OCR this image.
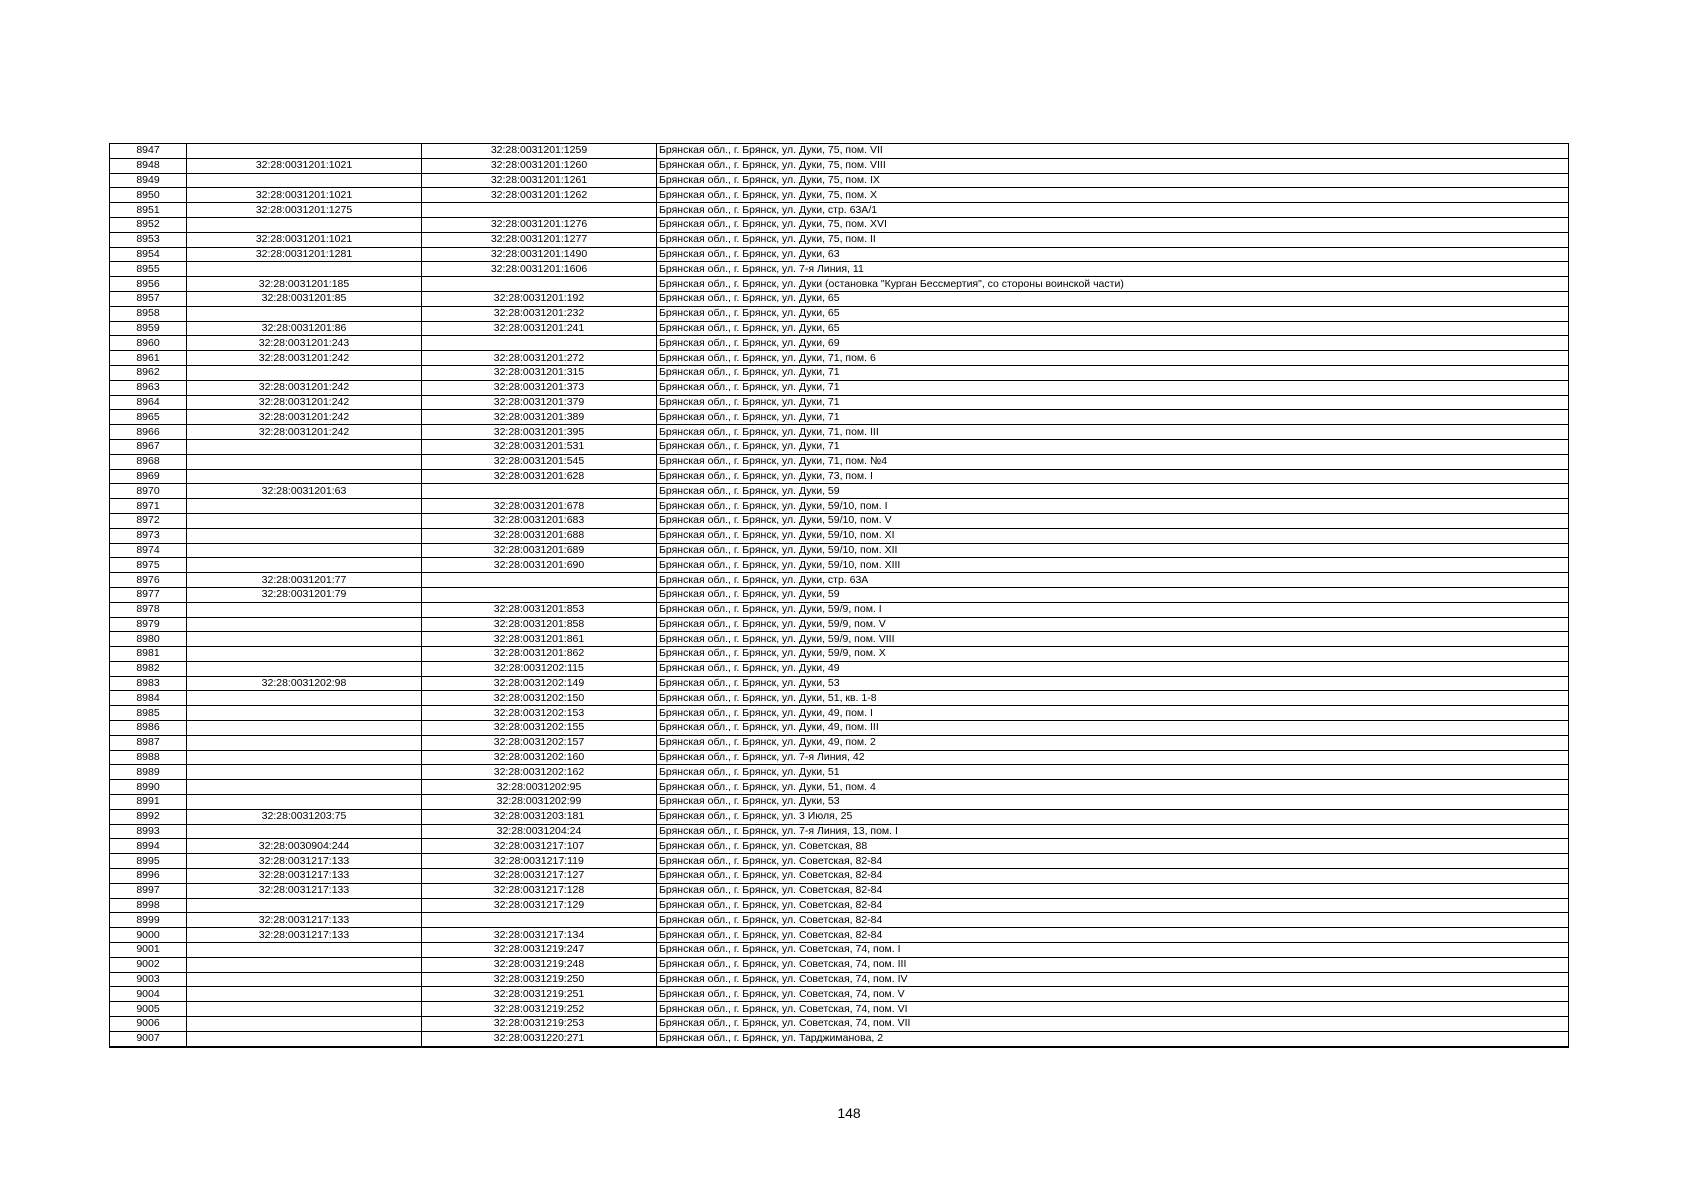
8947		32:28:0031201:1259	Брянская обл., г. Брянск, ул. Дуки, 75, пом. VII
8948	32:28:0031201:1021	32:28:0031201:1260	Брянская обл., г. Брянск, ул. Дуки, 75, пом. VIII
8949		32:28:0031201:1261	Брянская обл., г. Брянск, ул. Дуки, 75, пом. IX
8950	32:28:0031201:1021	32:28:0031201:1262	Брянская обл., г. Брянск, ул. Дуки, 75, пом. X
8951	32:28:0031201:1275		Брянская обл., г. Брянск, ул. Дуки, стр. 63А/1
8952		32:28:0031201:1276	Брянская обл., г. Брянск, ул. Дуки, 75, пом. XVI
8953	32:28:0031201:1021	32:28:0031201:1277	Брянская обл., г. Брянск, ул. Дуки, 75, пом. II
8954	32:28:0031201:1281	32:28:0031201:1490	Брянская обл., г. Брянск, ул. Дуки, 63
8955		32:28:0031201:1606	Брянская обл., г. Брянск, ул. 7-я Линия, 11
8956	32:28:0031201:185		Брянская обл., г. Брянск, ул. Дуки (остановка "Курган Бессмертия", со стороны воинской части)
8957	32:28:0031201:85	32:28:0031201:192	Брянская обл., г. Брянск, ул. Дуки, 65
8958		32:28:0031201:232	Брянская обл., г. Брянск, ул. Дуки, 65
8959	32:28:0031201:86	32:28:0031201:241	Брянская обл., г. Брянск, ул. Дуки, 65
8960	32:28:0031201:243		Брянская обл., г. Брянск, ул. Дуки, 69
8961	32:28:0031201:242	32:28:0031201:272	Брянская обл., г. Брянск, ул. Дуки, 71, пом. 6
8962		32:28:0031201:315	Брянская обл., г. Брянск, ул. Дуки, 71
8963	32:28:0031201:242	32:28:0031201:373	Брянская обл., г. Брянск, ул. Дуки, 71
8964	32:28:0031201:242	32:28:0031201:379	Брянская обл., г. Брянск, ул. Дуки, 71
8965	32:28:0031201:242	32:28:0031201:389	Брянская обл., г. Брянск, ул. Дуки, 71
8966	32:28:0031201:242	32:28:0031201:395	Брянская обл., г. Брянск, ул. Дуки, 71, пом. III
8967		32:28:0031201:531	Брянская обл., г. Брянск, ул. Дуки, 71
8968		32:28:0031201:545	Брянская обл., г. Брянск, ул. Дуки, 71, пом. №4
8969		32:28:0031201:628	Брянская обл., г. Брянск, ул. Дуки, 73, пом. I
8970	32:28:0031201:63		Брянская обл., г. Брянск, ул. Дуки, 59
8971		32:28:0031201:678	Брянская обл., г. Брянск, ул. Дуки, 59/10, пом. I
8972		32:28:0031201:683	Брянская обл., г. Брянск, ул. Дуки, 59/10, пом. V
8973		32:28:0031201:688	Брянская обл., г. Брянск, ул. Дуки, 59/10, пом. XI
8974		32:28:0031201:689	Брянская обл., г. Брянск, ул. Дуки, 59/10, пом. XII
8975		32:28:0031201:690	Брянская обл., г. Брянск, ул. Дуки, 59/10, пом. XIII
8976	32:28:0031201:77		Брянская обл., г. Брянск, ул. Дуки, стр. 63А
8977	32:28:0031201:79		Брянская обл., г. Брянск, ул. Дуки, 59
8978		32:28:0031201:853	Брянская обл., г. Брянск, ул. Дуки, 59/9, пом. I
8979		32:28:0031201:858	Брянская обл., г. Брянск, ул. Дуки, 59/9, пом. V
8980		32:28:0031201:861	Брянская обл., г. Брянск, ул. Дуки, 59/9, пом. VIII
8981		32:28:0031201:862	Брянская обл., г. Брянск, ул. Дуки, 59/9, пом. X
8982		32:28:0031202:115	Брянская обл., г. Брянск, ул. Дуки, 49
8983	32:28:0031202:98	32:28:0031202:149	Брянская обл., г. Брянск, ул. Дуки, 53
8984		32:28:0031202:150	Брянская обл., г. Брянск, ул. Дуки, 51, кв. 1-8
8985		32:28:0031202:153	Брянская обл., г. Брянск, ул. Дуки, 49, пом. I
8986		32:28:0031202:155	Брянская обл., г. Брянск, ул. Дуки, 49, пом. III
8987		32:28:0031202:157	Брянская обл., г. Брянск, ул. Дуки, 49, пом. 2
8988		32:28:0031202:160	Брянская обл., г. Брянск, ул. 7-я Линия, 42
8989		32:28:0031202:162	Брянская обл., г. Брянск, ул. Дуки, 51
8990		32:28:0031202:95	Брянская обл., г. Брянск, ул. Дуки, 51, пом. 4
8991		32:28:0031202:99	Брянская обл., г. Брянск, ул. Дуки, 53
8992	32:28:0031203:75	32:28:0031203:181	Брянская обл., г. Брянск, ул. 3 Июля, 25
8993		32:28:0031204:24	Брянская обл., г. Брянск, ул. 7-я Линия, 13, пом. I
8994	32:28:0030904:244	32:28:0031217:107	Брянская обл., г. Брянск, ул. Советская, 88
8995	32:28:0031217:133	32:28:0031217:119	Брянская обл., г. Брянск, ул. Советская, 82-84
8996	32:28:0031217:133	32:28:0031217:127	Брянская обл., г. Брянск, ул. Советская, 82-84
8997	32:28:0031217:133	32:28:0031217:128	Брянская обл., г. Брянск, ул. Советская, 82-84
8998		32:28:0031217:129	Брянская обл., г. Брянск, ул. Советская, 82-84
8999	32:28:0031217:133		Брянская обл., г. Брянск, ул. Советская, 82-84
9000	32:28:0031217:133	32:28:0031217:134	Брянская обл., г. Брянск, ул. Советская, 82-84
9001		32:28:0031219:247	Брянская обл., г. Брянск, ул. Советская, 74, пом. I
9002		32:28:0031219:248	Брянская обл., г. Брянск, ул. Советская, 74, пом. III
9003		32:28:0031219:250	Брянская обл., г. Брянск, ул. Советская, 74, пом. IV
9004		32:28:0031219:251	Брянская обл., г. Брянск, ул. Советская, 74, пом. V
9005		32:28:0031219:252	Брянская обл., г. Брянск, ул. Советская, 74, пом. VI
9006		32:28:0031219:253	Брянская обл., г. Брянск, ул. Советская, 74, пом. VII
9007		32:28:0031220:271	Брянская обл., г. Брянск, ул. Тарджиманова, 2
148
